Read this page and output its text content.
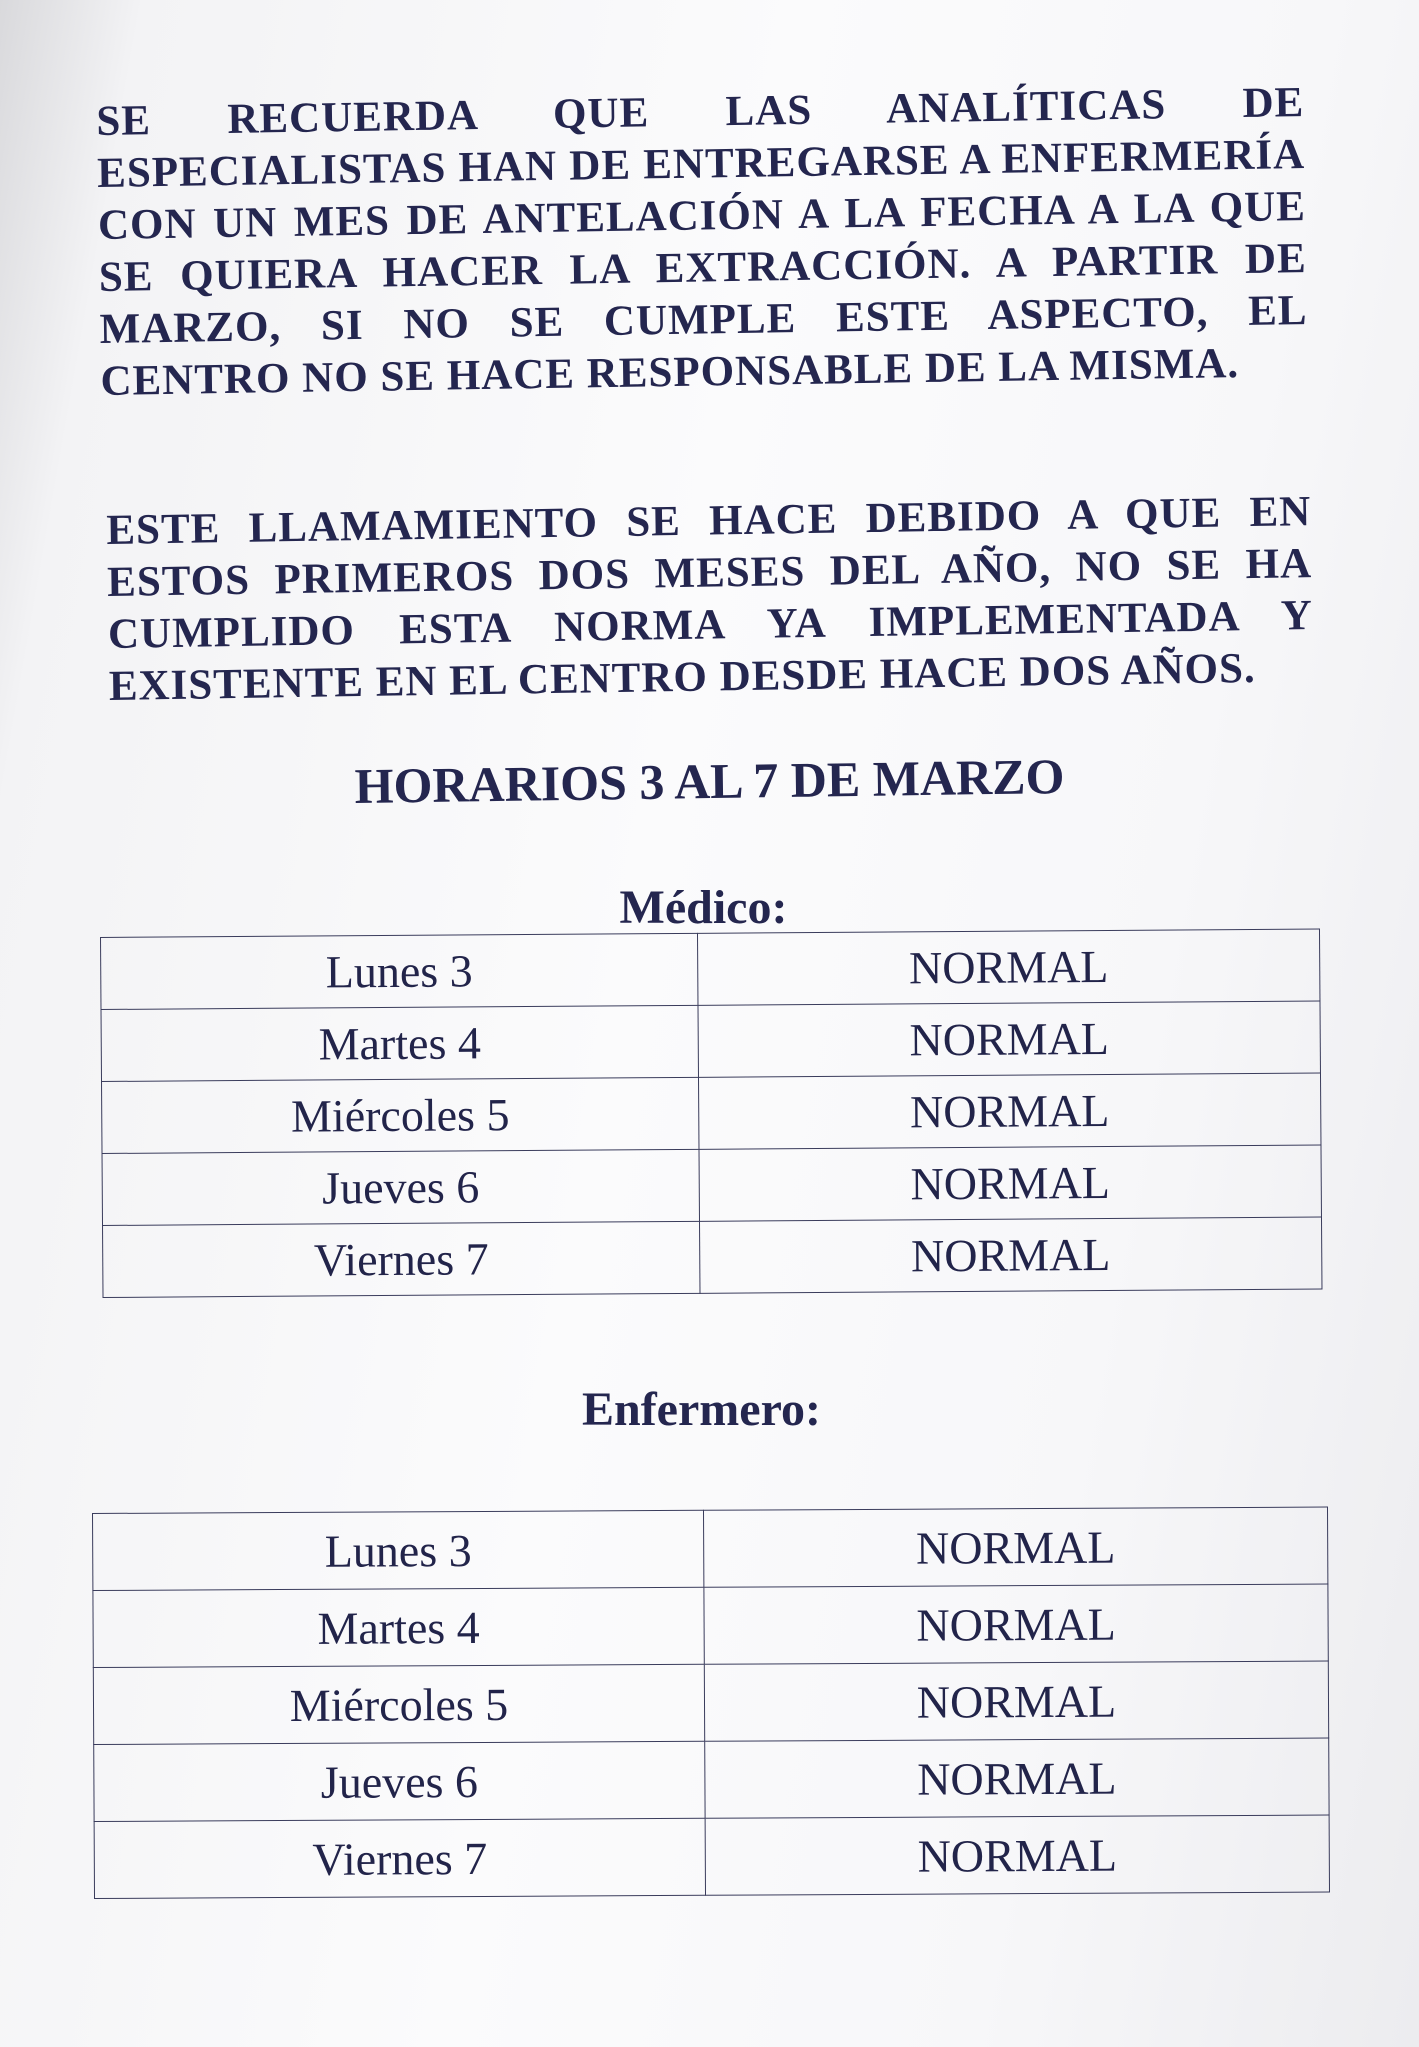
SE RECUERDA QUE LAS ANALÍTICAS DE ESPECIALISTAS HAN DE ENTREGARSE A ENFERMERÍA CON UN MES DE ANTELACIÓN A LA FECHA A LA QUE SE QUIERA HACER LA EXTRACCIÓN. A PARTIR DE MARZO, SI NO SE CUMPLE ESTE ASPECTO, EL CENTRO NO SE HACE RESPONSABLE DE LA MISMA.

ESTE LLAMAMIENTO SE HACE DEBIDO A QUE EN ESTOS PRIMEROS DOS MESES DEL AÑO, NO SE HA CUMPLIDO ESTA NORMA YA IMPLEMENTADA Y EXISTENTE EN EL CENTRO DESDE HACE DOS AÑOS.

HORARIOS 3 AL 7 DE MARZO
Médico:
Lunes 3	NORMAL
Martes 4	NORMAL
Miércoles 5	NORMAL
Jueves 6	NORMAL
Viernes 7	NORMAL
Enfermero:
Lunes 3	NORMAL
Martes 4	NORMAL
Miércoles 5	NORMAL
Jueves 6	NORMAL
Viernes 7	NORMAL
